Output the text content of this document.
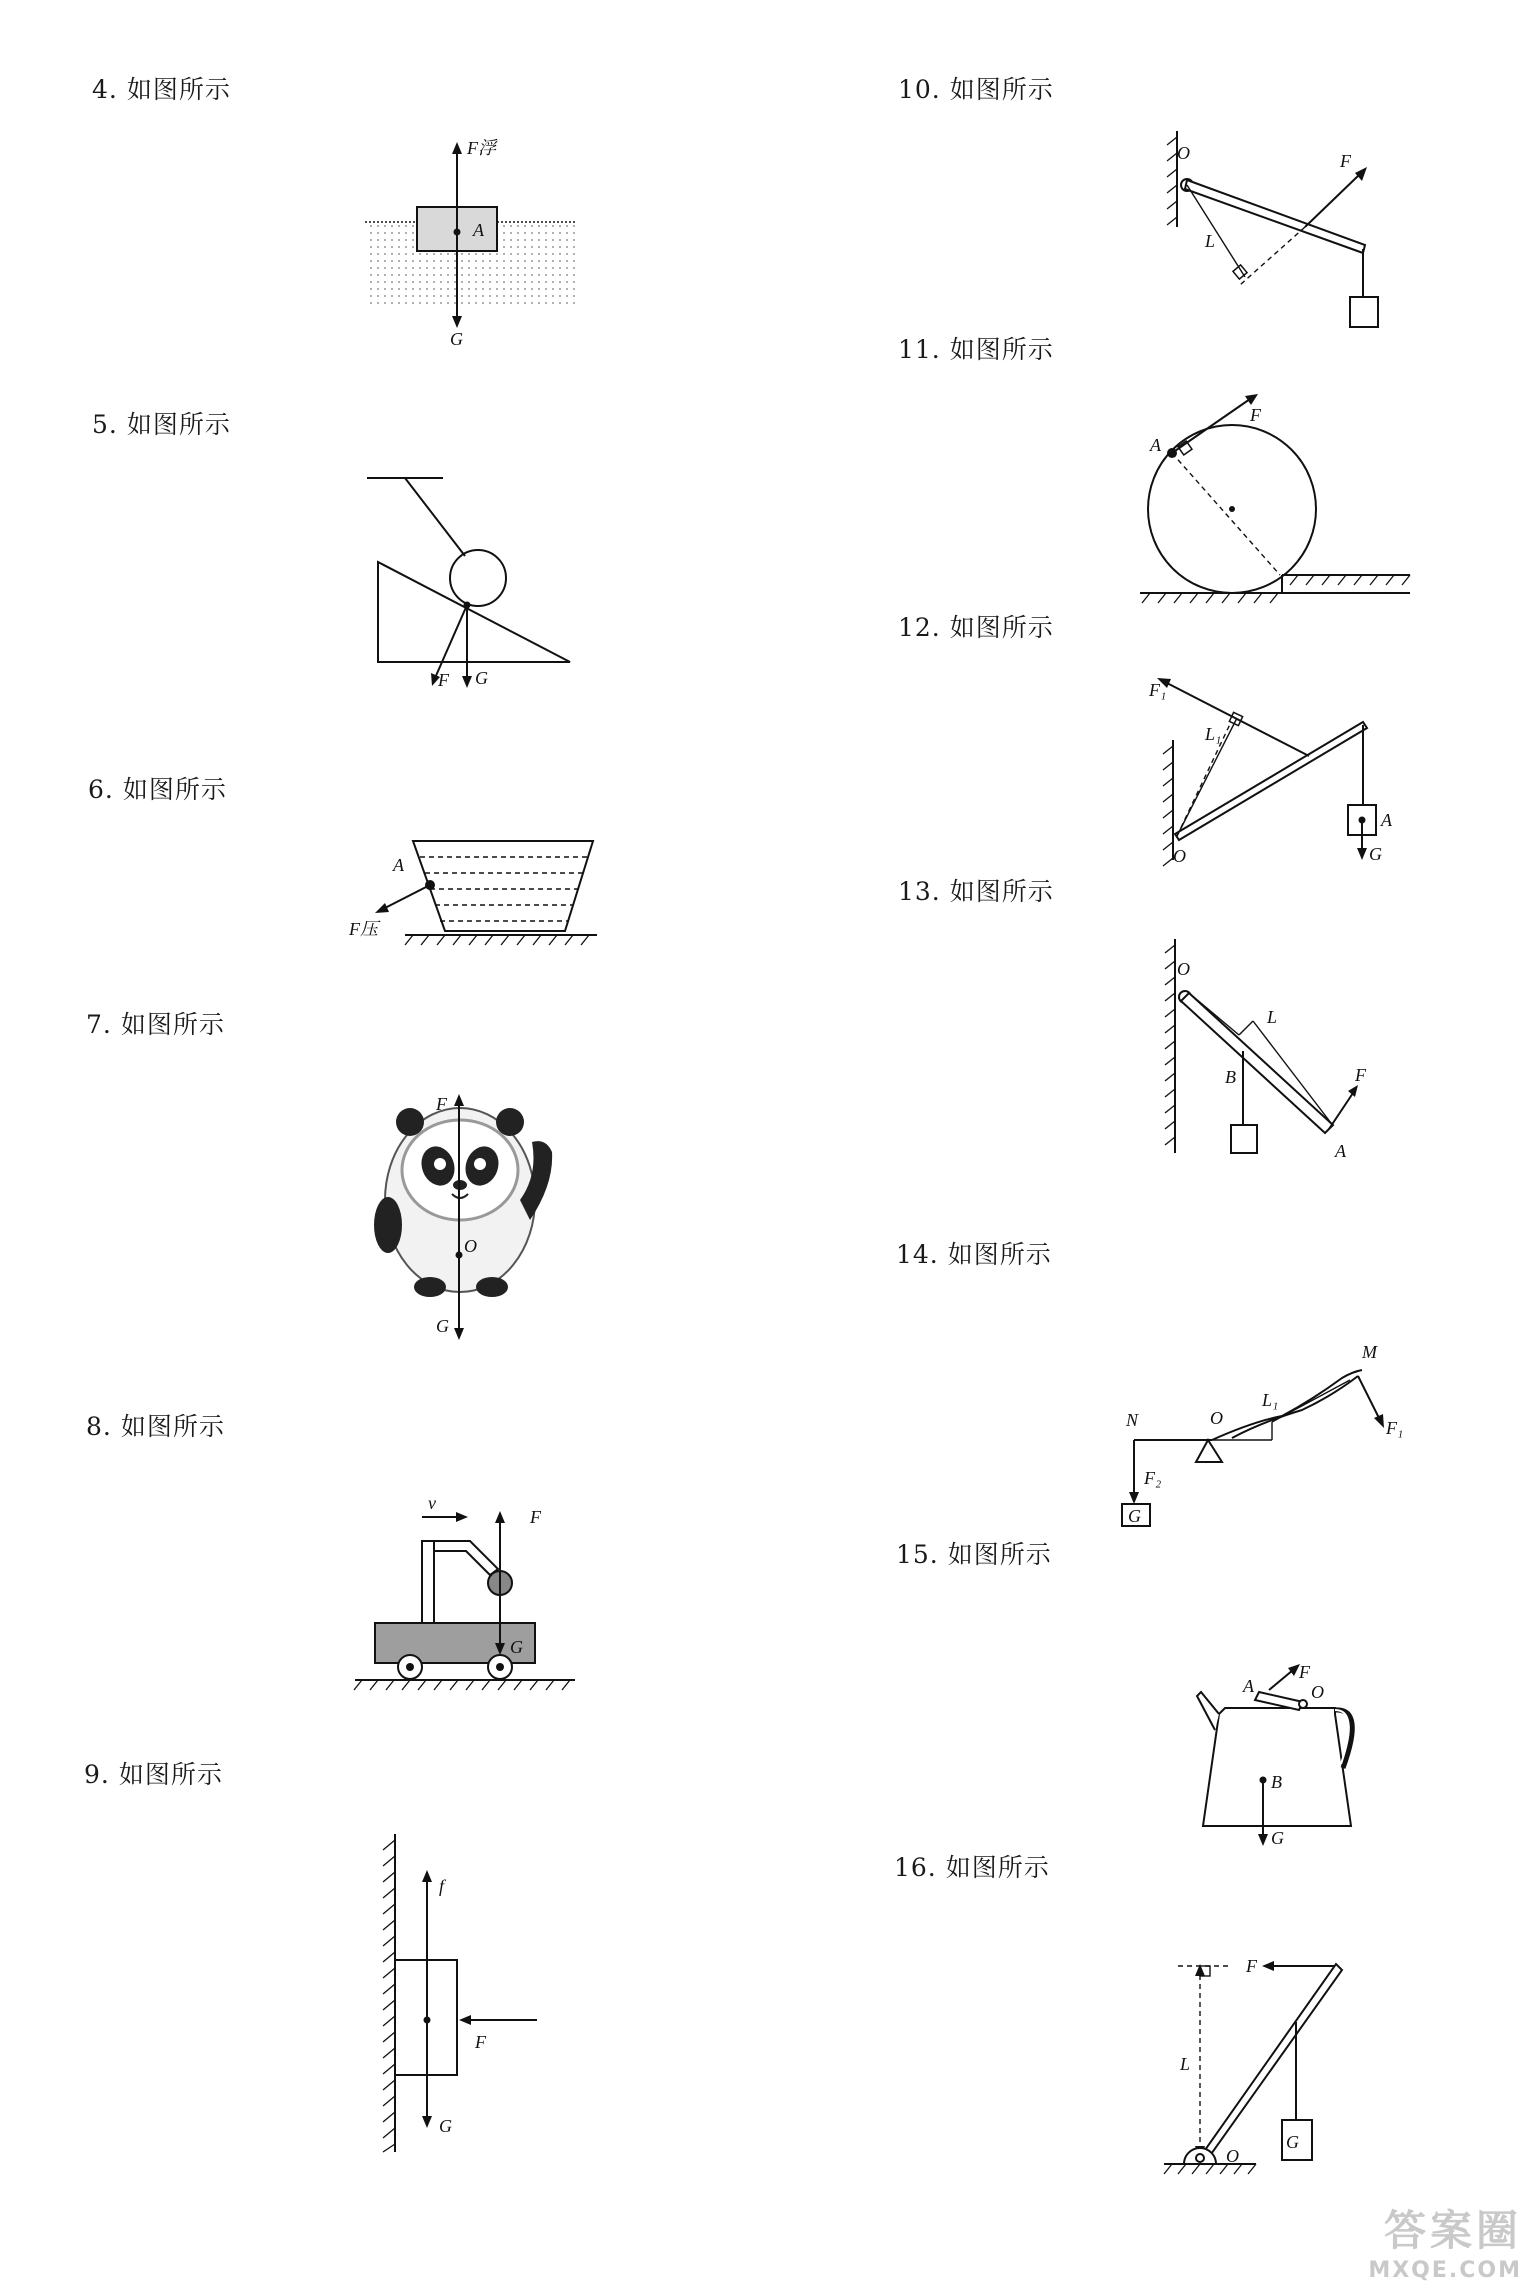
4. 如图所示
F浮
A
G
5. 如图所示
F G
6. 如图所示
A
F压
7. 如图所示
F
O
G
8. 如图所示
v
F
G
9. 如图所示
f
F
G
10. 如图所示
O	F
L
11. 如图所示
A
F
12. 如图所示
F₁
L₁
O
A
G
13. 如图所示
O
L
B	F
A
14. 如图所示
M
L₁
O
N	F₁
F₂
G
15. 如图所示
A
F
O
B
G
16. 如图所示
F
L
O
G
答案圈
MXQE.COM
